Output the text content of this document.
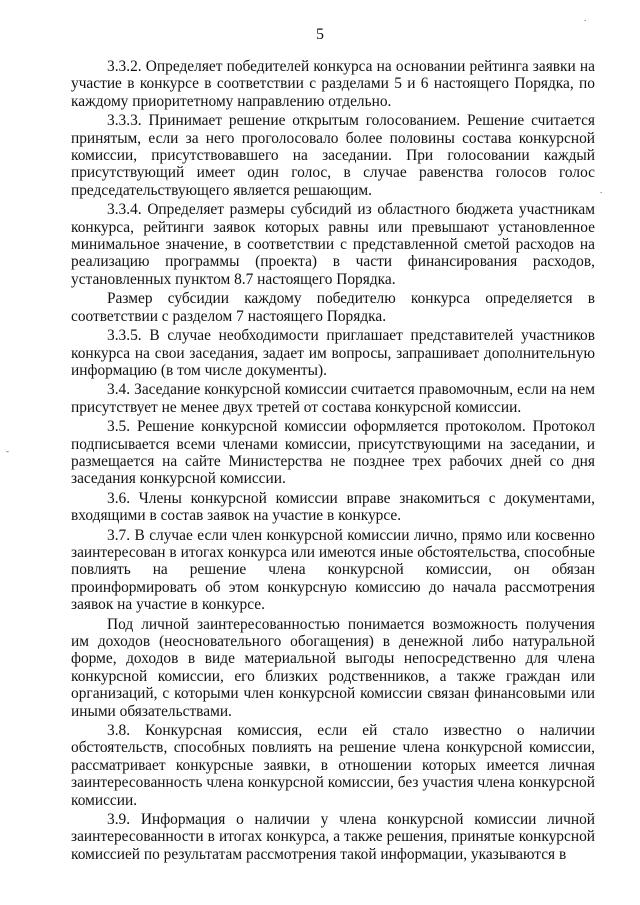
5
.
-
.

3.3.2. Определяет победителей конкурса на основании рейтинга заявки на участие в конкурсе в соответствии с разделами 5 и 6 настоящего Порядка, по каждому приоритетному направлению отдельно.

3.3.3. Принимает решение открытым голосованием. Решение считается принятым, если за него проголосовало более половины состава конкурсной комиссии, присутствовавшего на заседании. При голосовании каждый присутствующий имеет один голос, в случае равенства голосов голос председательствующего является решающим.

3.3.4. Определяет размеры субсидий из областного бюджета участникам конкурса, рейтинги заявок которых равны или превышают установленное минимальное значение, в соответствии с представленной сметой расходов на реализацию программы (проекта) в части финансирования расходов, установленных пунктом 8.7 настоящего Порядка.

Размер субсидии каждому победителю конкурса определяется в соответствии с разделом 7 настоящего Порядка.

3.3.5. В случае необходимости приглашает представителей участников конкурса на свои заседания, задает им вопросы, запрашивает дополнительную информацию (в том числе документы).

3.4. Заседание конкурсной комиссии считается правомочным, если на нем присутствует не менее двух третей от состава конкурсной комиссии.

3.5. Решение конкурсной комиссии оформляется протоколом. Протокол подписывается всеми членами комиссии, присутствующими на заседании, и размещается на сайте Министерства не позднее трех рабочих дней со дня заседания конкурсной комиссии.

3.6. Члены конкурсной комиссии вправе знакомиться с документами, входящими в состав заявок на участие в конкурсе.

3.7. В случае если член конкурсной комиссии лично, прямо или косвенно заинтересован в итогах конкурса или имеются иные обстоятельства, способные повлиять на решение члена конкурсной комиссии, он обязан проинформировать об этом конкурсную комиссию до начала рассмотрения заявок на участие в конкурсе.

Под личной заинтересованностью понимается возможность получения им доходов (неосновательного обогащения) в денежной либо натуральной форме, доходов в виде материальной выгоды непосредственно для члена конкурсной комиссии, его близких родственников, а также граждан или организаций, с которыми член конкурсной комиссии связан финансовыми или иными обязательствами.

3.8. Конкурсная комиссия, если ей стало известно о наличии обстоятельств, способных повлиять на решение члена конкурсной комиссии, рассматривает конкурсные заявки, в отношении которых имеется личная заинтересованность члена конкурсной комиссии, без участия члена конкурсной комиссии.

3.9. Информация о наличии у члена конкурсной комиссии личной заинтересованности в итогах конкурса, а также решения, принятые конкурсной комиссией по результатам рассмотрения такой информации, указываются в
